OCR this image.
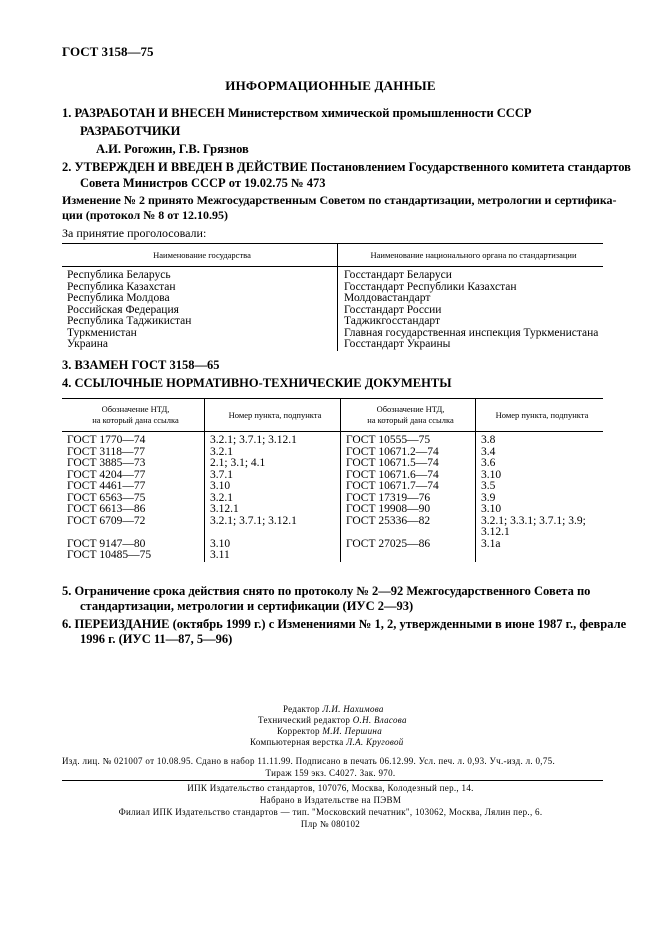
ГОСТ 3158—75
ИНФОРМАЦИОННЫЕ ДАННЫЕ
1. РАЗРАБОТАН И ВНЕСЕН Министерством химической промышленности СССР
РАЗРАБОТЧИКИ
А.И. Рогожин, Г.В. Грязнов
2. УТВЕРЖДЕН И ВВЕДЕН В ДЕЙСТВИЕ Постановлением Государственного комитета стандартов
Совета Министров СССР от 19.02.75 № 473
Изменение № 2 принято Межгосударственным Советом по стандартизации, метрологии и сертифика-
ции (протокол № 8 от 12.10.95)
За принятие проголосовали:
Наименование государства	Наименование национального органа по стандартизации
Республика Беларусь	Госстандарт Беларуси
Республика Казахстан	Госстандарт Республики Казахстан
Республика Молдова	Молдовастандарт
Российская Федерация	Госстандарт России
Республика Таджикистан	Таджикгосстандарт
Туркменистан	Главная государственная инспекция Туркменистана
Украина	Госстандарт Украины
3. ВЗАМЕН ГОСТ 3158—65
4. ССЫЛОЧНЫЕ НОРМАТИВНО-ТЕХНИЧЕСКИЕ ДОКУМЕНТЫ
Обозначение НТД,
на который дана ссылка	Номер пункта, подпункта	Обозначение НТД,
на который дана ссылка	Номер пункта, подпункта
ГОСТ 1770—74	3.2.1; 3.7.1; 3.12.1	ГОСТ 10555—75	3.8
ГОСТ 3118—77	3.2.1	ГОСТ 10671.2—74	3.4
ГОСТ 3885—73	2.1; 3.1; 4.1	ГОСТ 10671.5—74	3.6
ГОСТ 4204—77	3.7.1	ГОСТ 10671.6—74	3.10
ГОСТ 4461—77	3.10	ГОСТ 10671.7—74	3.5
ГОСТ 6563—75	3.2.1	ГОСТ 17319—76	3.9
ГОСТ 6613—86	3.12.1	ГОСТ 19908—90	3.10
ГОСТ 6709—72	3.2.1; 3.7.1; 3.12.1	ГОСТ 25336—82	3.2.1; 3.3.1; 3.7.1; 3.9; 3.12.1
ГОСТ 9147—80	3.10	ГОСТ 27025—86	3.1а
ГОСТ 10485—75	3.11		
5. Ограничение срока действия снято по протоколу № 2—92 Межгосударственного Совета по
стандартизации, метрологии и сертификации (ИУС 2—93)
6. ПЕРЕИЗДАНИЕ (октябрь 1999 г.) с Изменениями № 1, 2, утвержденными в июне 1987 г., феврале
1996 г. (ИУС 11—87, 5—96)
Редактор Л.И. Нахимова
Технический редактор О.Н. Власова
Корректор М.И. Першина
Компьютерная верстка Л.А. Круговой
Изд. лиц. № 021007 от 10.08.95. Сдано в набор 11.11.99. Подписано в печать 06.12.99. Усл. печ. л. 0,93. Уч.-изд. л. 0,75.
Тираж 159 экз. С4027. Зак. 970.
ИПК Издательство стандартов, 107076, Москва, Колодезный пер., 14.
Набрано в Издательстве на ПЭВМ
Филиал ИПК Издательство стандартов — тип. "Московский печатник", 103062, Москва, Лялин пер., 6.
Плр № 080102
